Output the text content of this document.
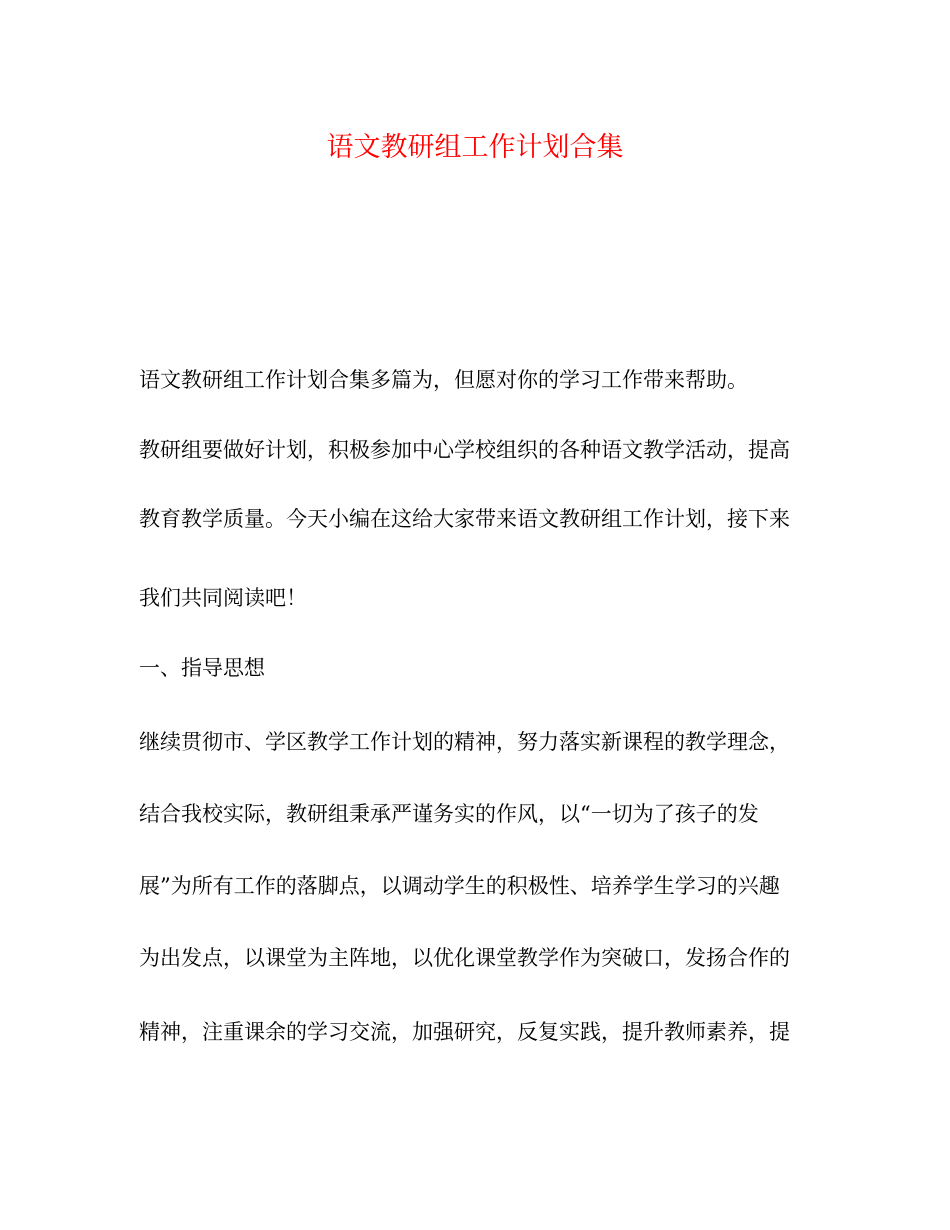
语文教研组工作计划合集

语文教研组工作计划合集多篇为，但愿对你的学习工作带来帮助。

教研组要做好计划，积极参加中心学校组织的各种语文教学活动，提高

教育教学质量。今天小编在这给大家带来语文教研组工作计划，接下来

我们共同阅读吧！

一、指导思想

继续贯彻市、学区教学工作计划的精神，努力落实新课程的教学理念，

结合我校实际，教研组秉承严谨务实的作风，以“一切为了孩子的发

展”为所有工作的落脚点，以调动学生的积极性、培养学生学习的兴趣

为出发点，以课堂为主阵地，以优化课堂教学作为突破口，发扬合作的

精神，注重课余的学习交流，加强研究，反复实践，提升教师素养，提
